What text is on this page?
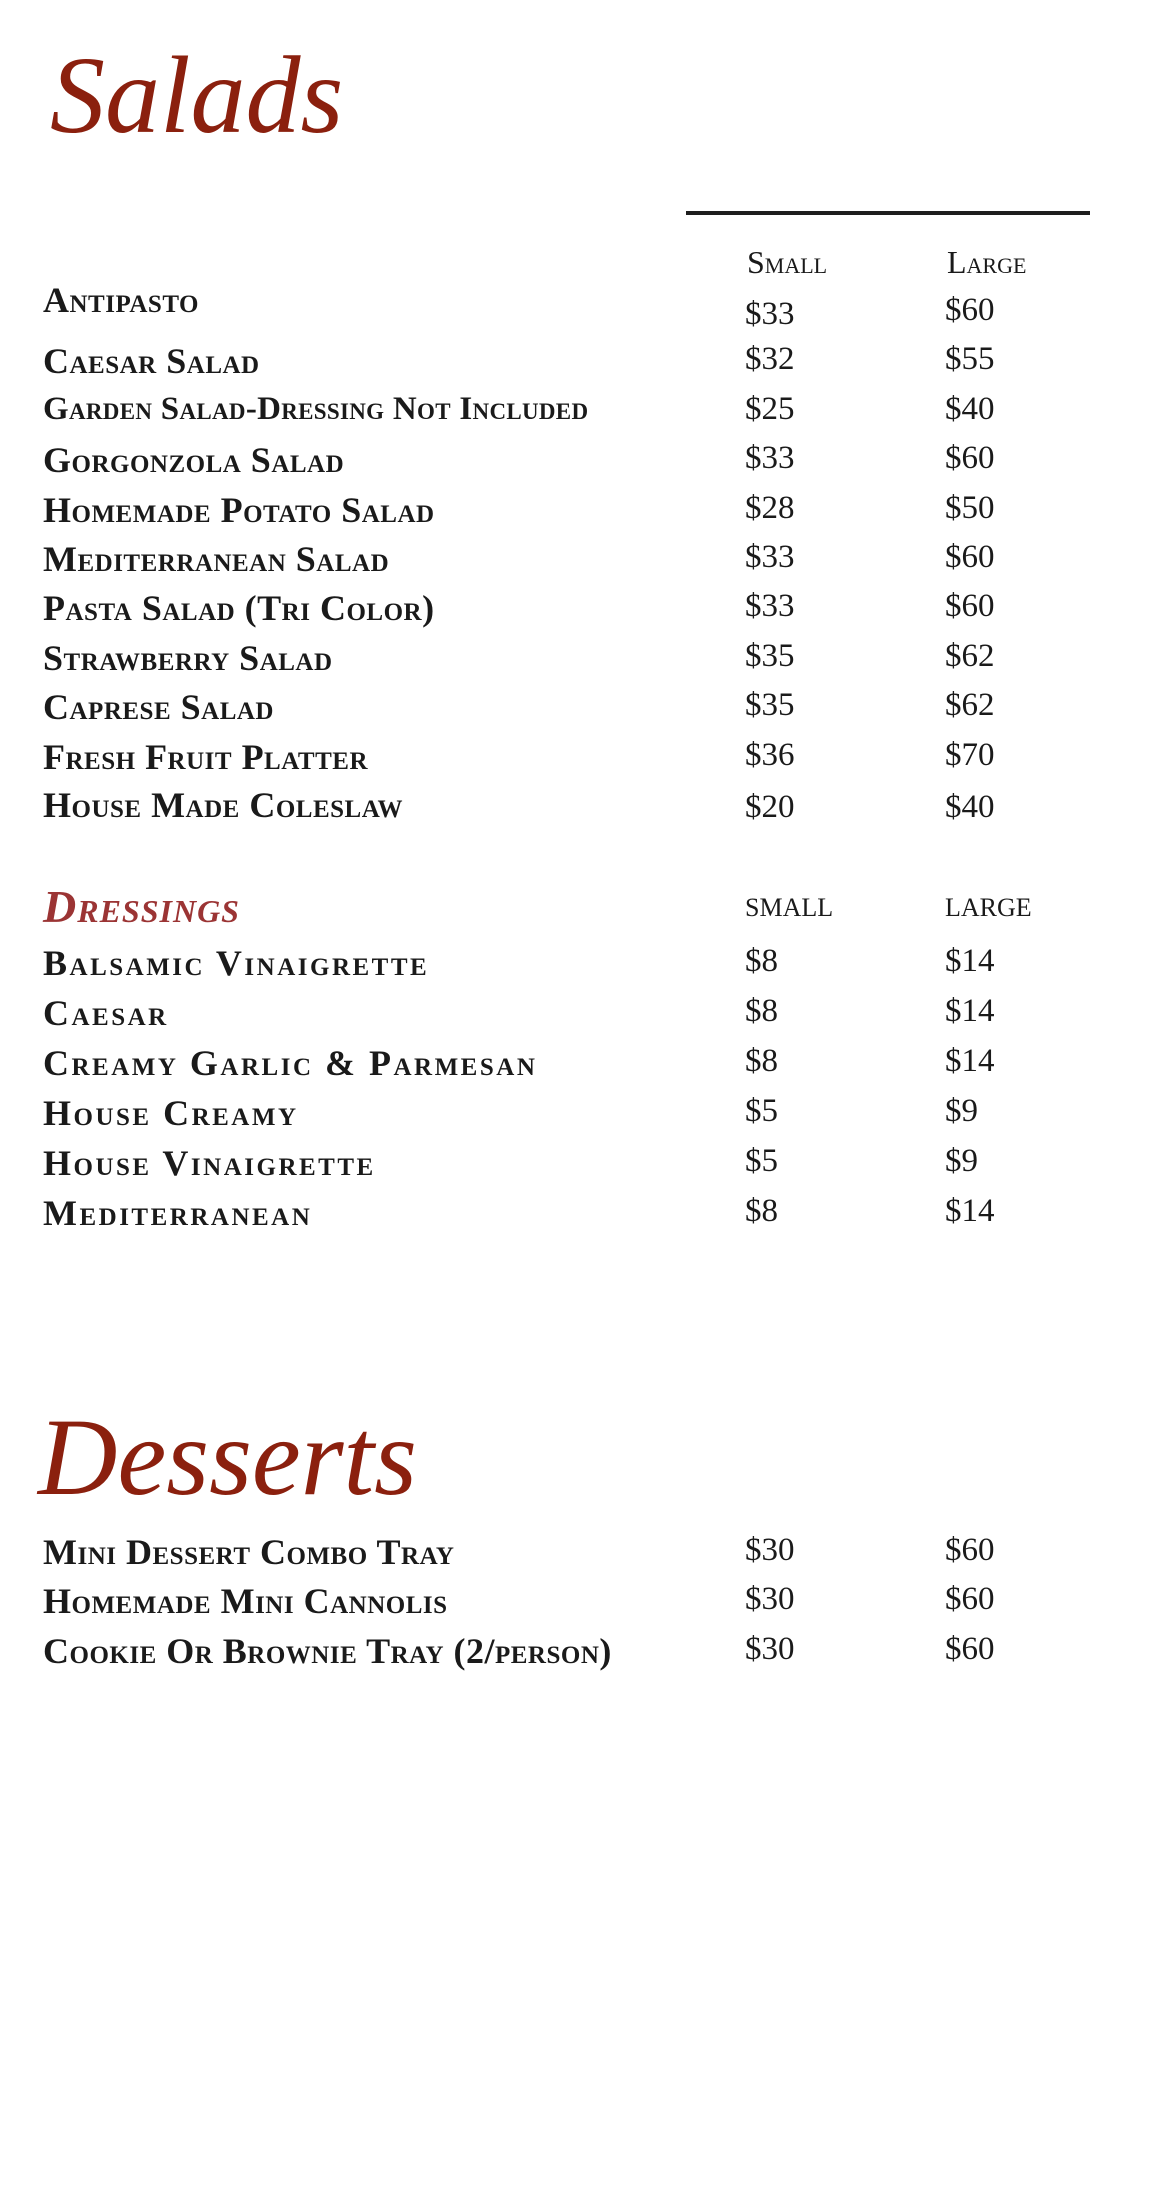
Salads
Small	Large
Antipasto	$33	$60
Caesar Salad	$32	$55
Garden Salad-Dressing Not Included	$25	$40
Gorgonzola Salad	$33	$60
Homemade Potato Salad	$28	$50
Mediterranean Salad	$33	$60
Pasta Salad (Tri Color)	$33	$60
Strawberry Salad	$35	$62
Caprese Salad	$35	$62
Fresh Fruit Platter	$36	$70
House Made Coleslaw	$20	$40
Dressings	SMALL	LARGE
Balsamic Vinaigrette	$8	$14
Caesar	$8	$14
Creamy Garlic & Parmesan	$8	$14
House Creamy	$5	$9
House Vinaigrette	$5	$9
Mediterranean	$8	$14
Desserts
Mini Dessert Combo Tray	$30	$60
Homemade Mini Cannolis	$30	$60
Cookie Or Brownie Tray (2/person)	$30	$60
